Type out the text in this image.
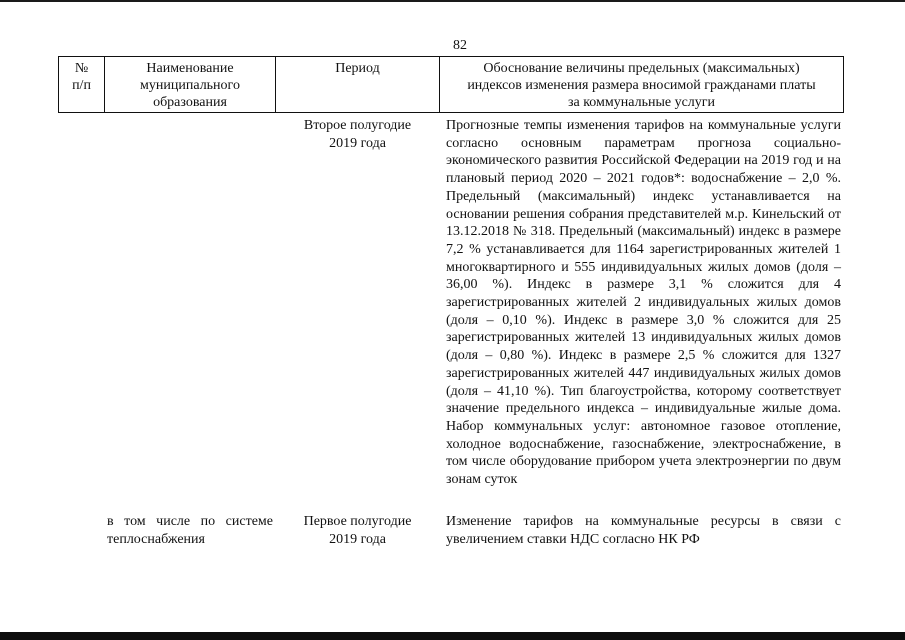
82
№
п/п
Наименование
муниципального
образования
Период	Обоснование величины предельных (максимальных)
индексов изменения размера вносимой гражданами платы
за коммунальные услуги
Второе полугодие
2019 года
Прогнозные темпы изменения тарифов на коммунальные услуги согласно основным параметрам прогноза социально-экономического развития Российской Федерации на 2019 год и на плановый период 2020 – 2021 годов*: водоснабжение – 2,0 %. Предельный (максимальный) индекс устанавливается на основании решения собрания представителей м.р. Кинельский от 13.12.2018 № 318. Предельный (максимальный) индекс в размере 7,2 % устанавливается для 1164 зарегистрированных жителей 1 многоквартирного и 555 индивидуальных жилых домов (доля – 36,00 %). Индекс в размере 3,1 % сложится для 4 зарегистрированных жителей 2 индивидуальных жилых домов (доля – 0,10 %). Индекс в размере 3,0 % сложится для 25 зарегистрированных жителей 13 индивидуальных жилых домов (доля – 0,80 %). Индекс в размере 2,5 % сложится для 1327 зарегистрированных жителей 447 индивидуальных жилых домов (доля – 41,10 %). Тип благоустройства, которому соответствует значение предельного индекса – индивидуальные жилые дома. Набор коммунальных услуг: автономное газовое отопление, холодное водоснабжение, газоснабжение, электроснабжение, в том числе оборудование прибором учета электроэнергии по двум зонам суток
в том числе по системе теплоснабжения
Первое полугодие
2019 года
Изменение тарифов на коммунальные ресурсы в связи с увеличением ставки НДС согласно НК РФ
